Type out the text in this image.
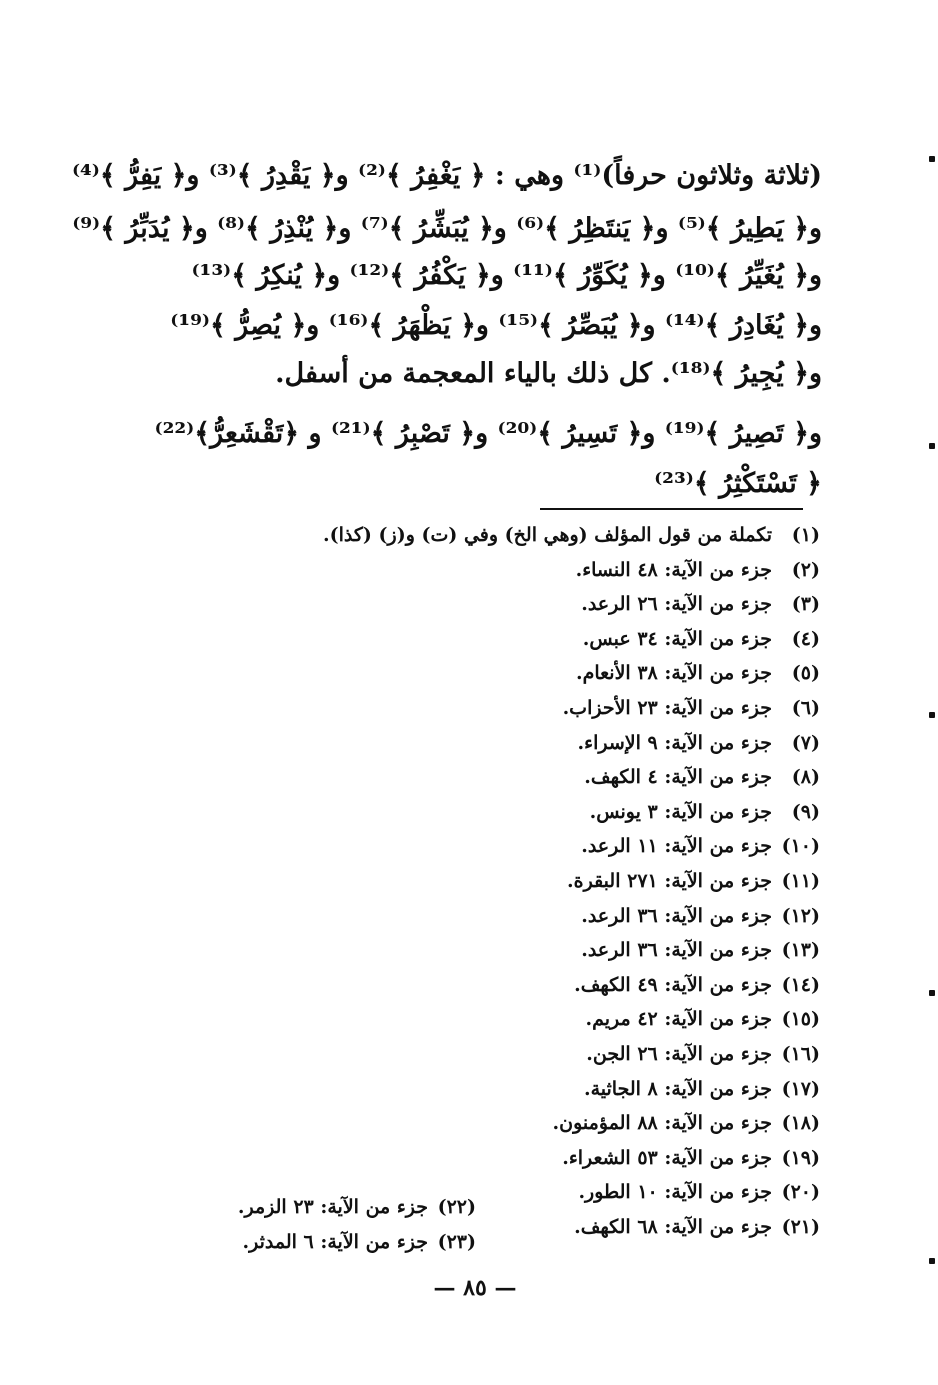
(ثلاثة وثلاثون حرفاً)⁽¹⁾ وهي : ﴿ يَغْفِرُ ﴾⁽²⁾ و﴿ يَقْدِرُ ﴾⁽³⁾ و﴿ يَفِرُّ ﴾⁽⁴⁾
و﴿ يَطِيرُ ﴾⁽⁵⁾ و﴿ يَنتَظِرُ ﴾⁽⁶⁾ و﴿ يُبَشِّرُ ﴾⁽⁷⁾ و﴿ يُنْذِرُ ﴾⁽⁸⁾ و﴿ يُدَبِّرُ ﴾⁽⁹⁾
و﴿ يُغَيِّرُ ﴾⁽¹⁰⁾ و﴿ يُكَوِّرُ ﴾⁽¹¹⁾ و﴿ يَكْفُرُ ﴾⁽¹²⁾ و﴿ يُنكِرُ ﴾⁽¹³⁾
و﴿ يُغَادِرُ ﴾⁽¹⁴⁾ و﴿ يُبَصِّرُ ﴾⁽¹⁵⁾ و﴿ يَظْهَرُ ﴾⁽¹⁶⁾ و﴿ يُصِرُّ ﴾⁽¹⁹⁾
و﴿ يُجِيرُ ﴾⁽¹⁸⁾. كل ذلك بالياء المعجمة من أسفل.
و﴿ تَصِيرُ ﴾⁽¹⁹⁾ و﴿ تَسِيرُ ﴾⁽²⁰⁾ و﴿ تَصْبِرُ ﴾⁽²¹⁾ و ﴿تَقْشَعِرُّ﴾⁽²²⁾
﴿ تَسْتَكْثِرُ ﴾⁽²³⁾
(١)تكملة من قول المؤلف (وهي الخ) وفي (ت) و(ز) (كذا).
(٢)جزء من الآية: ٤٨ النساء.
(٣)جزء من الآية: ٢٦ الرعد.
(٤)جزء من الآية: ٣٤ عبس.
(٥)جزء من الآية: ٣٨ الأنعام.
(٦)جزء من الآية: ٢٣ الأحزاب.
(٧)جزء من الآية: ٩ الإسراء.
(٨)جزء من الآية: ٤ الكهف.
(٩)جزء من الآية: ٣ يونس.
(١٠)جزء من الآية: ١١ الرعد.
(١١)جزء من الآية: ٢٧١ البقرة.
(١٢)جزء من الآية: ٣٦ الرعد.
(١٣)جزء من الآية: ٣٦ الرعد.
(١٤)جزء من الآية: ٤٩ الكهف.
(١٥)جزء من الآية: ٤٢ مريم.
(١٦)جزء من الآية: ٢٦ الجن.
(١٧)جزء من الآية: ٨ الجاثية.
(١٨)جزء من الآية: ٨٨ المؤمنون.
(١٩)جزء من الآية: ٥٣ الشعراء.
(٢٠)جزء من الآية: ١٠ الطور.
(٢١)جزء من الآية: ٦٨ الكهف.
(٢٢)جزء من الآية: ٢٣ الزمر.
(٢٣)جزء من الآية: ٦ المدثر.
— ٨٥ —
